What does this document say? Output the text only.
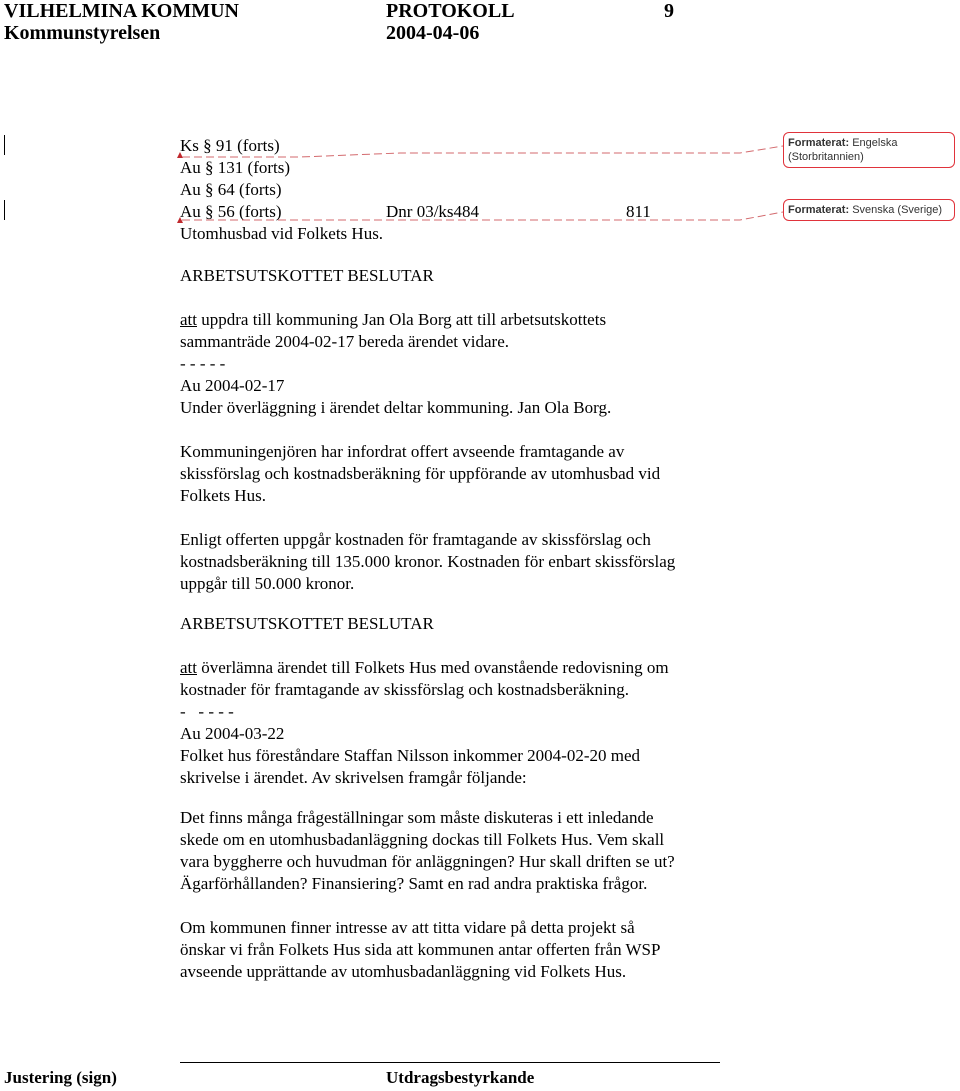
VILHELMINA KOMMUN	PROTOKOLL	9
Kommunstyrelsen	2004-04-06
Ks § 91 (forts)
Au § 131 (forts)
Au § 64 (forts)
Au § 56 (forts)	Dnr 03/ks484	811
Utomhusbad vid Folkets Hus.
Formaterat: Engelska (Storbritannien)
Formaterat: Svenska (Sverige)
ARBETSUTSKOTTET BESLUTAR
att uppdra till kommuning Jan Ola Borg att till arbetsutskottets
sammanträde 2004-02-17 bereda ärendet vidare.
- - - - -
Au 2004-02-17
Under överläggning i ärendet deltar kommuning. Jan Ola Borg.
Kommuningenjören har infordrat offert avseende framtagande av
skissförslag och kostnadsberäkning för uppförande av utomhusbad vid
Folkets Hus.
Enligt offerten uppgår kostnaden för framtagande av skissförslag och
kostnadsberäkning till 135.000 kronor. Kostnaden för enbart skissförslag
uppgår till 50.000 kronor.
ARBETSUTSKOTTET BESLUTAR
att överlämna ärendet till Folkets Hus med ovanstående redovisning om
kostnader för framtagande av skissförslag och kostnadsberäkning.
-   - - - -
Au 2004-03-22
Folket hus föreståndare Staffan Nilsson inkommer 2004-02-20 med
skrivelse i ärendet. Av skrivelsen framgår följande:
Det finns många frågeställningar som måste diskuteras i ett inledande
skede om en utomhusbadanläggning dockas till Folkets Hus. Vem skall
vara byggherre och huvudman för anläggningen? Hur skall driften se ut?
Ägarförhållanden? Finansiering? Samt en rad andra praktiska frågor.
Om kommunen finner intresse av att titta vidare på detta projekt så
önskar vi från Folkets Hus sida att kommunen antar offerten från WSP
avseende upprättande av utomhusbadanläggning vid Folkets Hus.
Justering (sign)	Utdragsbestyrkande
